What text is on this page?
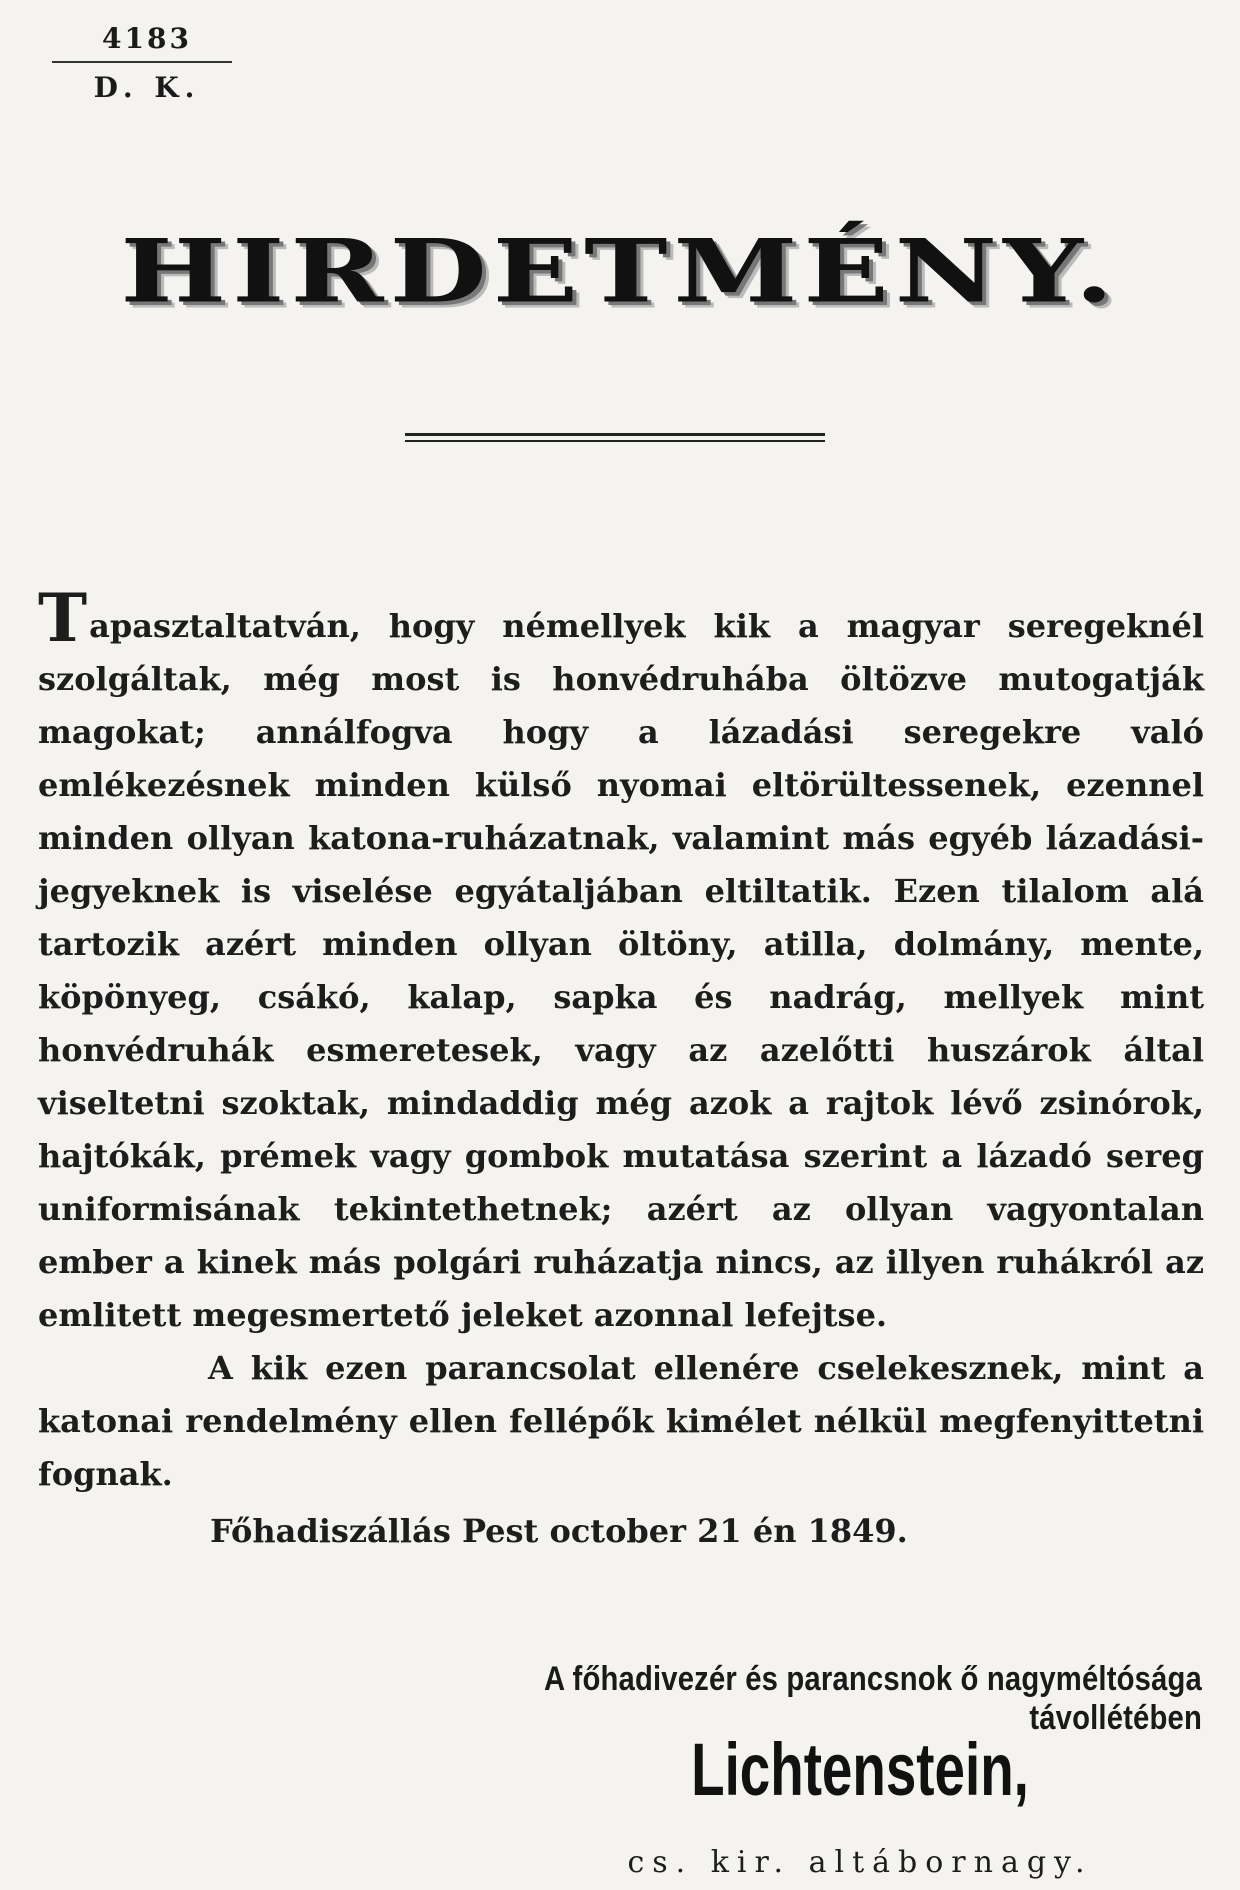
4183
D. K.
HIRDETMÉNY.

Tapasztaltatván, hogy némellyek kik a magyar seregeknél szolgáltak, még most is honvédruhába öltözve mutogatják magokat; annálfogva hogy a lázadási seregekre való emlékezésnek minden külső nyomai eltörültessenek, ezennel minden ollyan katona-ruházatnak, valamint más egyéb lázadási-jegyeknek is viselése egyátaljában eltiltatik. Ezen tilalom alá tartozik azért minden ollyan öltöny, atilla, dolmány, mente, köpönyeg, csákó, kalap, sapka és nadrág, mellyek mint honvédruhák esmeretesek, vagy az azelőtti huszárok által viseltetni szoktak, mindaddig még azok a rajtok lévő zsinórok, hajtókák, prémek vagy gombok mutatása szerint a lázadó sereg uniformisának tekintethetnek; azért az ollyan vagyontalan ember a kinek más polgári ruházatja nincs, az illyen ruhákról az emlitett megesmertető jeleket azonnal lefejtse.

A kik ezen parancsolat ellenére cselekesznek, mint a katonai rendelmény ellen fellépők kimélet nélkül megfenyittetni fognak.

Főhadiszállás Pest october 21 én 1849.
A főhadivezér és parancsnok ő nagyméltósága távollétében
Lichtenstein,
cs. kir. altábornagy.
